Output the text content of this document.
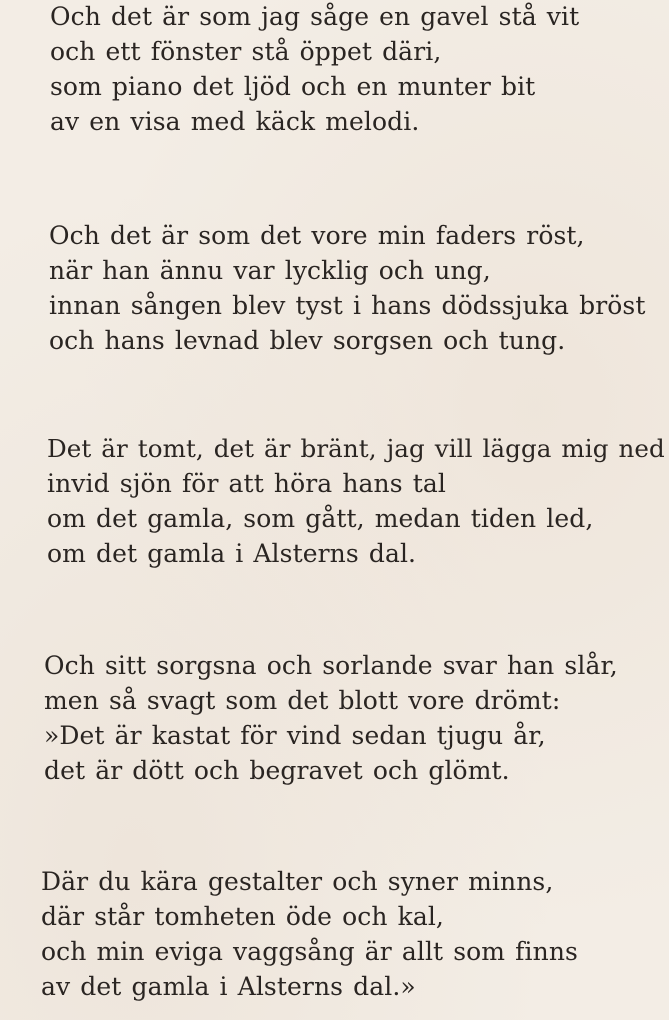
Och det är som jag såge en gavel stå vit
och ett fönster stå öppet däri,
som piano det ljöd och en munter bit
av en visa med käck melodi.
Och det är som det vore min faders röst,
när han ännu var lycklig och ung,
innan sången blev tyst i hans dödssjuka bröst
och hans levnad blev sorgsen och tung.
Det är tomt, det är bränt, jag vill lägga mig ned
invid sjön för att höra hans tal
om det gamla, som gått, medan tiden led,
om det gamla i Alsterns dal.
Och sitt sorgsna och sorlande svar han slår,
men så svagt som det blott vore drömt:
»Det är kastat för vind sedan tjugu år,
det är dött och begravet och glömt.
Där du kära gestalter och syner minns,
där står tomheten öde och kal,
och min eviga vaggsång är allt som finns
av det gamla i Alsterns dal.»
